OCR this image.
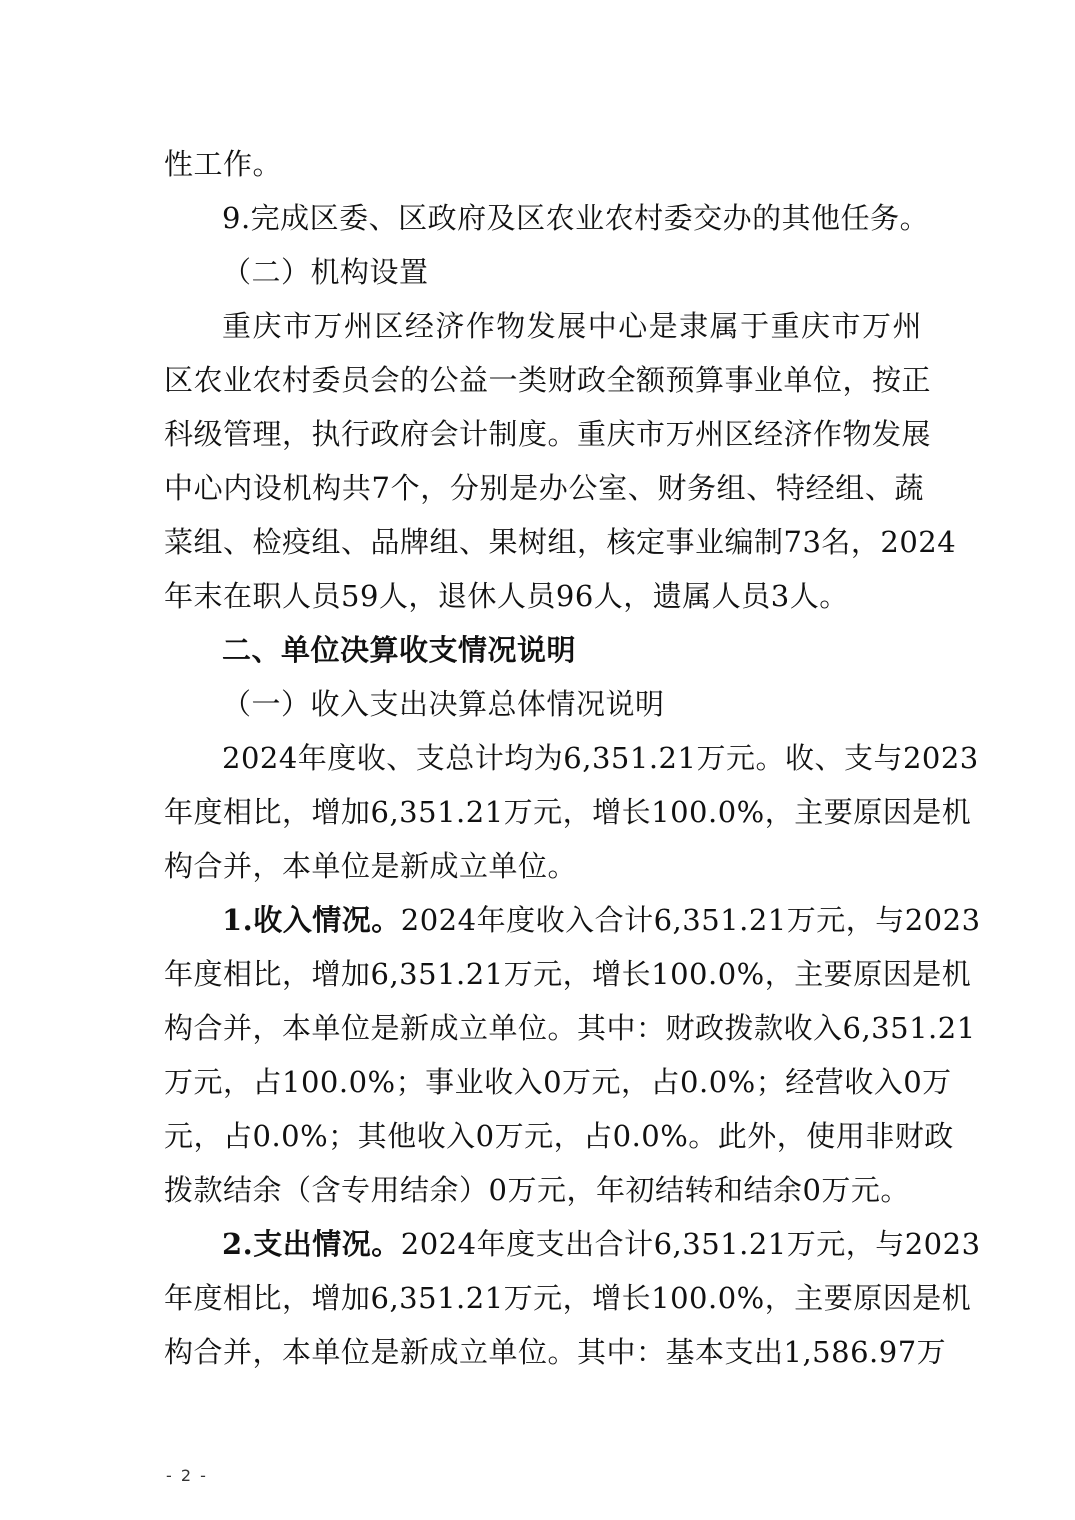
性工作。
9.完成区委、区政府及区农业农村委交办的其他任务。
（二）机构设置
重庆市万州区经济作物发展中心是隶属于重庆市万州
区农业农村委员会的公益一类财政全额预算事业单位，按正
科级管理，执行政府会计制度。重庆市万州区经济作物发展
中心内设机构共7个，分别是办公室、财务组、特经组、蔬
菜组、检疫组、品牌组、果树组，核定事业编制73名，2024
年末在职人员59人，退休人员96人，遗属人员3人。
二、单位决算收支情况说明
（一）收入支出决算总体情况说明
2024年度收、支总计均为6,351.21万元。收、支与2023
年度相比，增加6,351.21万元，增长100.0%，主要原因是机
构合并，本单位是新成立单位。
1.收入情况。2024年度收入合计6,351.21万元，与2023
年度相比，增加6,351.21万元，增长100.0%，主要原因是机
构合并，本单位是新成立单位。其中：财政拨款收入6,351.21
万元，占100.0%；事业收入0万元，占0.0%；经营收入0万
元，占0.0%；其他收入0万元，占0.0%。此外，使用非财政
拨款结余（含专用结余）0万元，年初结转和结余0万元。
2.支出情况。2024年度支出合计6,351.21万元，与2023
年度相比，增加6,351.21万元，增长100.0%，主要原因是机
构合并，本单位是新成立单位。其中：基本支出1,586.97万
- 2 -
